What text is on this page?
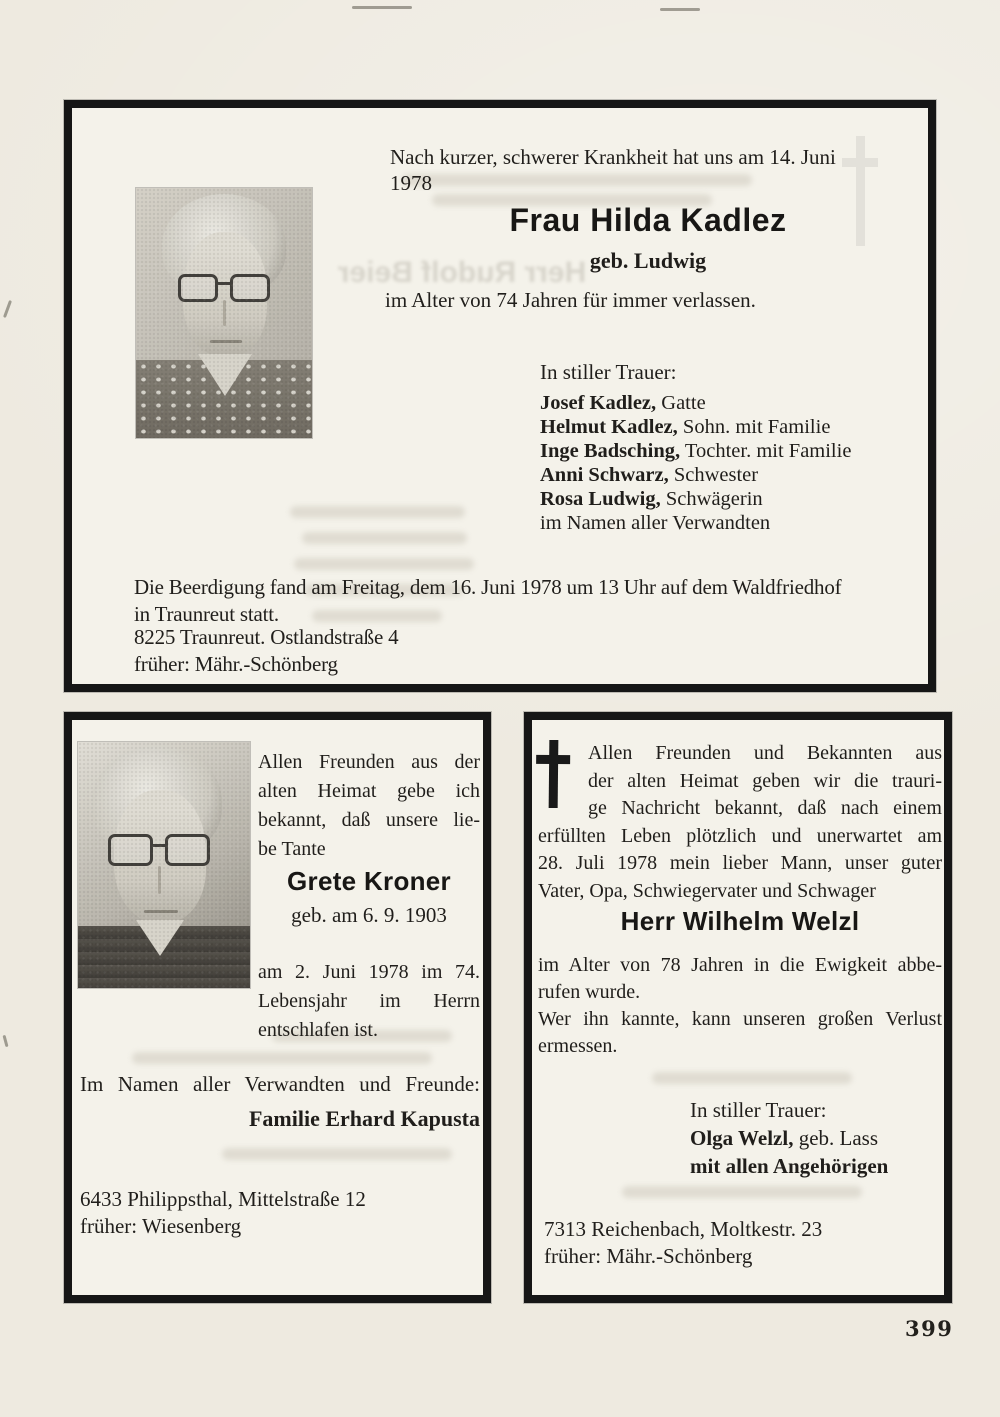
Herr Rudolf Beier
Nach kurzer, schwerer Krankheit hat uns am 14. Juni
1978
Frau Hilda Kadlez
geb. Ludwig
im Alter von 74 Jahren für immer verlassen.
In stiller Trauer:
Josef Kadlez, Gatte
Helmut Kadlez, Sohn. mit Familie
Inge Badsching, Tochter. mit Familie
Anni Schwarz, Schwester
Rosa Ludwig, Schwägerin
im Namen aller Verwandten
Die Beerdigung fand am Freitag, dem 16. Juni 1978 um 13 Uhr auf dem Waldfriedhof
in Traunreut statt.
8225 Traunreut. Ostlandstraße 4
früher: Mähr.-Schönberg
Allen Freunden aus der
alten Heimat gebe ich
bekannt, daß unsere lie-
be Tante
Grete Kroner
geb. am 6. 9. 1903
am 2. Juni 1978 im 74.
Lebensjahr im Herrn
entschlafen ist.
Im Namen aller Verwandten und Freunde:
Familie Erhard Kapusta
6433 Philippsthal, Mittelstraße 12
früher: Wiesenberg
Allen Freunden und Bekannten aus
der alten Heimat geben wir die trauri-
ge Nachricht bekannt, daß nach einem
erfüllten Leben plötzlich und unerwartet am
28. Juli 1978 mein lieber Mann, unser guter
Vater, Opa, Schwiegervater und Schwager
Herr Wilhelm Welzl
im Alter von 78 Jahren in die Ewigkeit abbe-
rufen wurde.
Wer ihn kannte, kann unseren großen Verlust
ermessen.
In stiller Trauer:
Olga Welzl, geb. Lass
mit allen Angehörigen
7313 Reichenbach, Moltkestr. 23
früher: Mähr.-Schönberg
399
